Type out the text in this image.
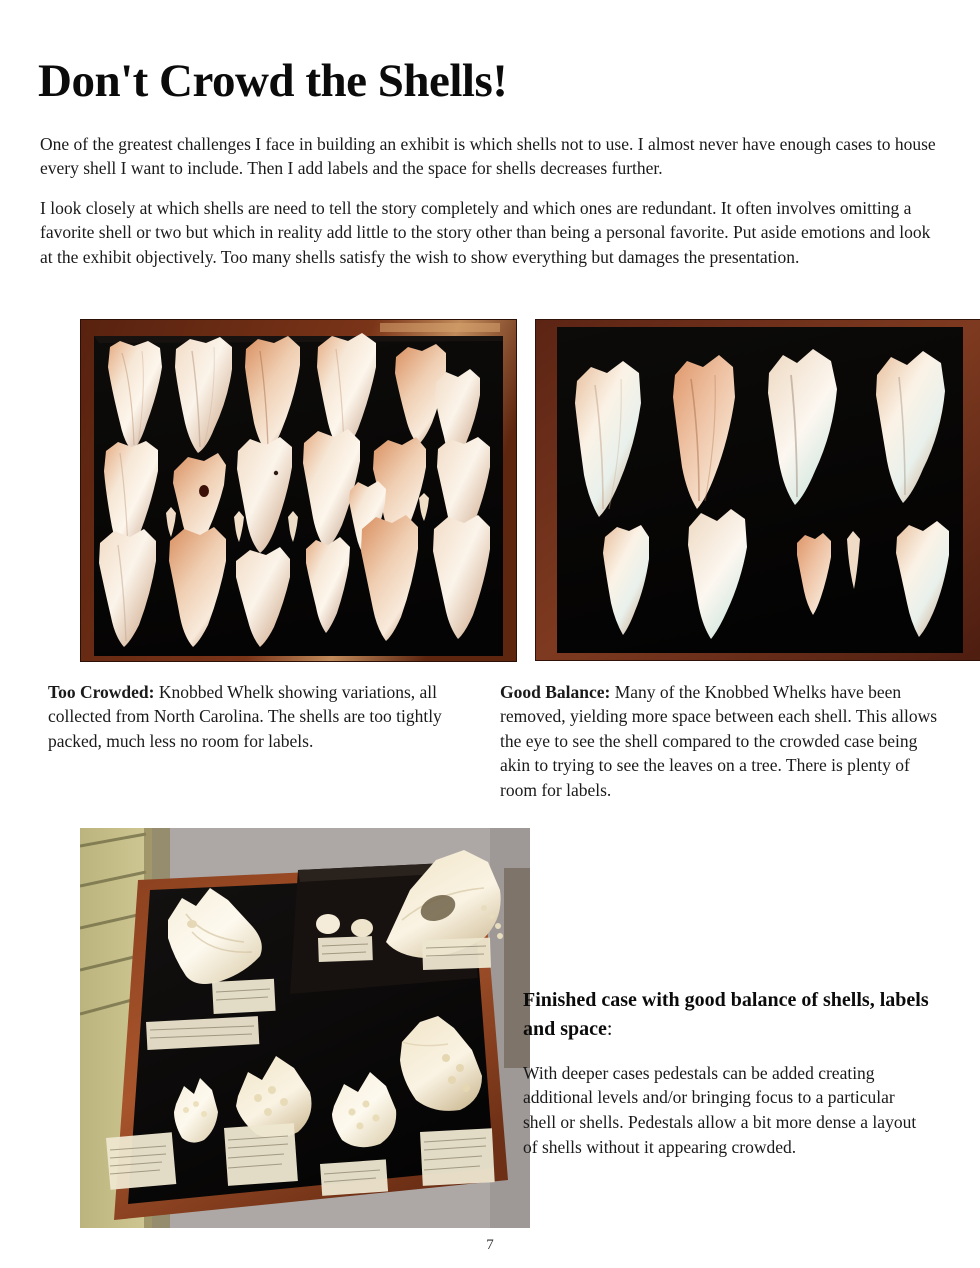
Don't Crowd the Shells!

One of the greatest challenges I face in building an exhibit is which shells not to use. I almost never have enough cases to house every shell I want to include. Then I add labels and the space for shells decreases further.

I look closely at which shells are need to tell the story completely and which ones are redundant. It often involves omitting a favorite shell or two but which in reality add little to the story other than being a personal favorite. Put aside emotions and look at the exhibit objectively. Too many shells satisfy the wish to show everything but damages the presentation.

Too Crowded: Knobbed Whelk showing variations, all collected from North Carolina. The shells are too tightly packed, much less no room for labels.

Good Balance: Many of the Knobbed Whelks have been removed, yielding more space between each shell. This allows the eye to see the shell compared to the crowded case being akin to trying to see the leaves on a tree. There is plenty of room for labels.

Finished case with good balance of shells, labels and space:

With deeper cases pedestals can be added creating additional levels and/or bringing focus to a particular shell or shells. Pedestals allow a bit more dense a layout of shells without it appearing crowded.

7
